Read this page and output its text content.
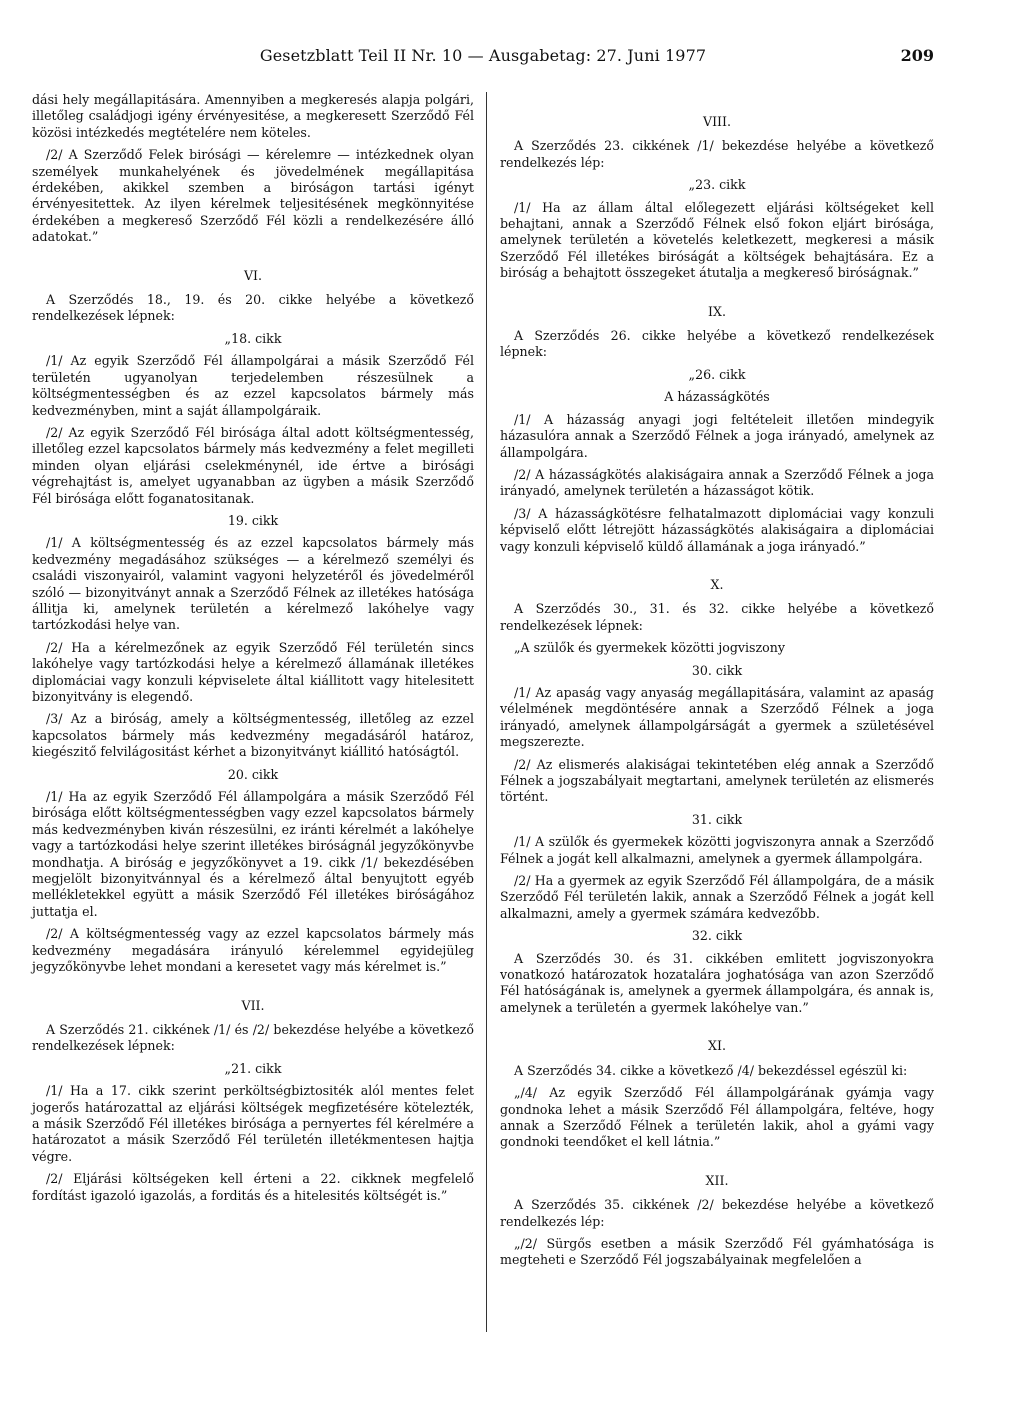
Gesetzblatt Teil II Nr. 10 — Ausgabetag: 27. Juni 1977	209
dási hely megállapitására. Amennyiben a megkeresés alapja polgári, illetőleg családjogi igény érvényesitése, a megkeresett Szerződő Fél közösi intézkedés megtételére nem köteles.
/2/ A Szerződő Felek birósági — kérelemre — intézkednek olyan személyek munkahelyének és jövedelmének megállapitása érdekében, akikkel szemben a biróságon tartási igényt érvényesitettek. Az ilyen kérelmek teljesitésének megkönnyitése érdekében a megkereső Szerződő Fél közli a rendelkezésére álló adatokat.”
VI.
A Szerződés 18., 19. és 20. cikke helyébe a következő rendelkezések lépnek:
„18. cikk
/1/ Az egyik Szerződő Fél állampolgárai a másik Szerződő Fél területén ugyanolyan terjedelemben részesülnek a költségmentességben és az ezzel kapcsolatos bármely más kedvezményben, mint a saját állampolgáraik.
/2/ Az egyik Szerződő Fél birósága által adott költségmentesség, illetőleg ezzel kapcsolatos bármely más kedvezmény a felet megilleti minden olyan eljárási cselekménynél, ide értve a birósági végrehajtást is, amelyet ugyanabban az ügyben a másik Szerződő Fél birósága előtt foganatositanak.
19. cikk
/1/ A költségmentesség és az ezzel kapcsolatos bármely más kedvezmény megadásához szükséges — a kérelmező személyi és családi viszonyairól, valamint vagyoni helyzetéről és jövedelméről szóló — bizonyitványt annak a Szerződő Félnek az illetékes hatósága állitja ki, amelynek területén a kérelmező lakóhelye vagy tartózkodási helye van.
/2/ Ha a kérelmezőnek az egyik Szerződő Fél területén sincs lakóhelye vagy tartózkodási helye a kérelmező államának illetékes diplomáciai vagy konzuli képviselete által kiállitott vagy hitelesitett bizonyitvány is elegendő.
/3/ Az a biróság, amely a költségmentesség, illetőleg az ezzel kapcsolatos bármely más kedvezmény megadásáról határoz, kiegészitő felvilágositást kérhet a bizonyitványt kiállitó hatóságtól.
20. cikk
/1/ Ha az egyik Szerződő Fél állampolgára a másik Szerződő Fél birósága előtt költségmentességben vagy ezzel kapcsolatos bármely más kedvezményben kiván részesülni, ez iránti kérelmét a lakóhelye vagy a tartózkodási helye szerint illetékes biróságnál jegyzőkönyvbe mondhatja. A biróság e jegyzőkönyvet a 19. cikk /1/ bekezdésében megjelölt bizonyitvánnyal és a kérelmező által benyujtott egyéb mellékletekkel együtt a másik Szerződő Fél illetékes biróságához juttatja el.
/2/ A költségmentesség vagy az ezzel kapcsolatos bármely más kedvezmény megadására irányuló kérelemmel egyidejüleg jegyzőkönyvbe lehet mondani a keresetet vagy más kérelmet is.”
VII.
A Szerződés 21. cikkének /1/ és /2/ bekezdése helyébe a következő rendelkezések lépnek:
„21. cikk
/1/ Ha a 17. cikk szerint perköltségbiztositék alól mentes felet jogerős határozattal az eljárási költségek megfizetésére kötelezték, a másik Szerződő Fél illetékes birósága a pernyertes fél kérelmére a határozatot a másik Szerződő Fél területén illetékmentesen hajtja végre.
/2/ Eljárási költségeken kell érteni a 22. cikknek megfelelő fordítást igazoló igazolás, a forditás és a hitelesités költségét is.”
VIII.
A Szerződés 23. cikkének /1/ bekezdése helyébe a következő rendelkezés lép:
„23. cikk
/1/ Ha az állam által előlegezett eljárási költségeket kell behajtani, annak a Szerződő Félnek első fokon eljárt birósága, amelynek területén a követelés keletkezett, megkeresi a másik Szerződő Fél illetékes biróságát a költségek behajtására. Ez a biróság a behajtott összegeket átutalja a megkereső biróságnak.”
IX.
A Szerződés 26. cikke helyébe a következő rendelkezések lépnek:
„26. cikk
A házasságkötés
/1/ A házasság anyagi jogi feltételeit illetően mindegyik házasulóra annak a Szerződő Félnek a joga irányadó, amelynek az állampolgára.
/2/ A házasságkötés alakiságaira annak a Szerződő Félnek a joga irányadó, amelynek területén a házasságot kötik.
/3/ A házasságkötésre felhatalmazott diplomáciai vagy konzuli képviselő előtt létrejött házasságkötés alakiságaira a diplomáciai vagy konzuli képviselő küldő államának a joga irányadó.”
X.
A Szerződés 30., 31. és 32. cikke helyébe a következő rendelkezések lépnek:
„A szülők és gyermekek közötti jogviszony
30. cikk
/1/ Az apaság vagy anyaság megállapitására, valamint az apaság vélelmének megdöntésére annak a Szerződő Félnek a joga irányadó, amelynek állampolgárságát a gyermek a születésével megszerezte.
/2/ Az elismerés alakiságai tekintetében elég annak a Szerződő Félnek a jogszabályait megtartani, amelynek területén az elismerés történt.
31. cikk
/1/ A szülők és gyermekek közötti jogviszonyra annak a Szerződő Félnek a jogát kell alkalmazni, amelynek a gyermek állampolgára.
/2/ Ha a gyermek az egyik Szerződő Fél állampolgára, de a másik Szerződő Fél területén lakik, annak a Szerződő Félnek a jogát kell alkalmazni, amely a gyermek számára kedvezőbb.
32. cikk
A Szerződés 30. és 31. cikkében emlitett jogviszonyokra vonatkozó határozatok hozatalára joghatósága van azon Szerződő Fél hatóságának is, amelynek a gyermek állampolgára, és annak is, amelynek a területén a gyermek lakóhelye van.”
XI.
A Szerződés 34. cikke a következő /4/ bekezdéssel egészül ki:
„/4/ Az egyik Szerződő Fél állampolgárának gyámja vagy gondnoka lehet a másik Szerződő Fél állampolgára, feltéve, hogy annak a Szerződő Félnek a területén lakik, ahol a gyámi vagy gondnoki teendőket el kell látnia.”
XII.
A Szerződés 35. cikkének /2/ bekezdése helyébe a következő rendelkezés lép:
„/2/ Sürgős esetben a másik Szerződő Fél gyámhatósága is megteheti e Szerződő Fél jogszabályainak megfelelően a
